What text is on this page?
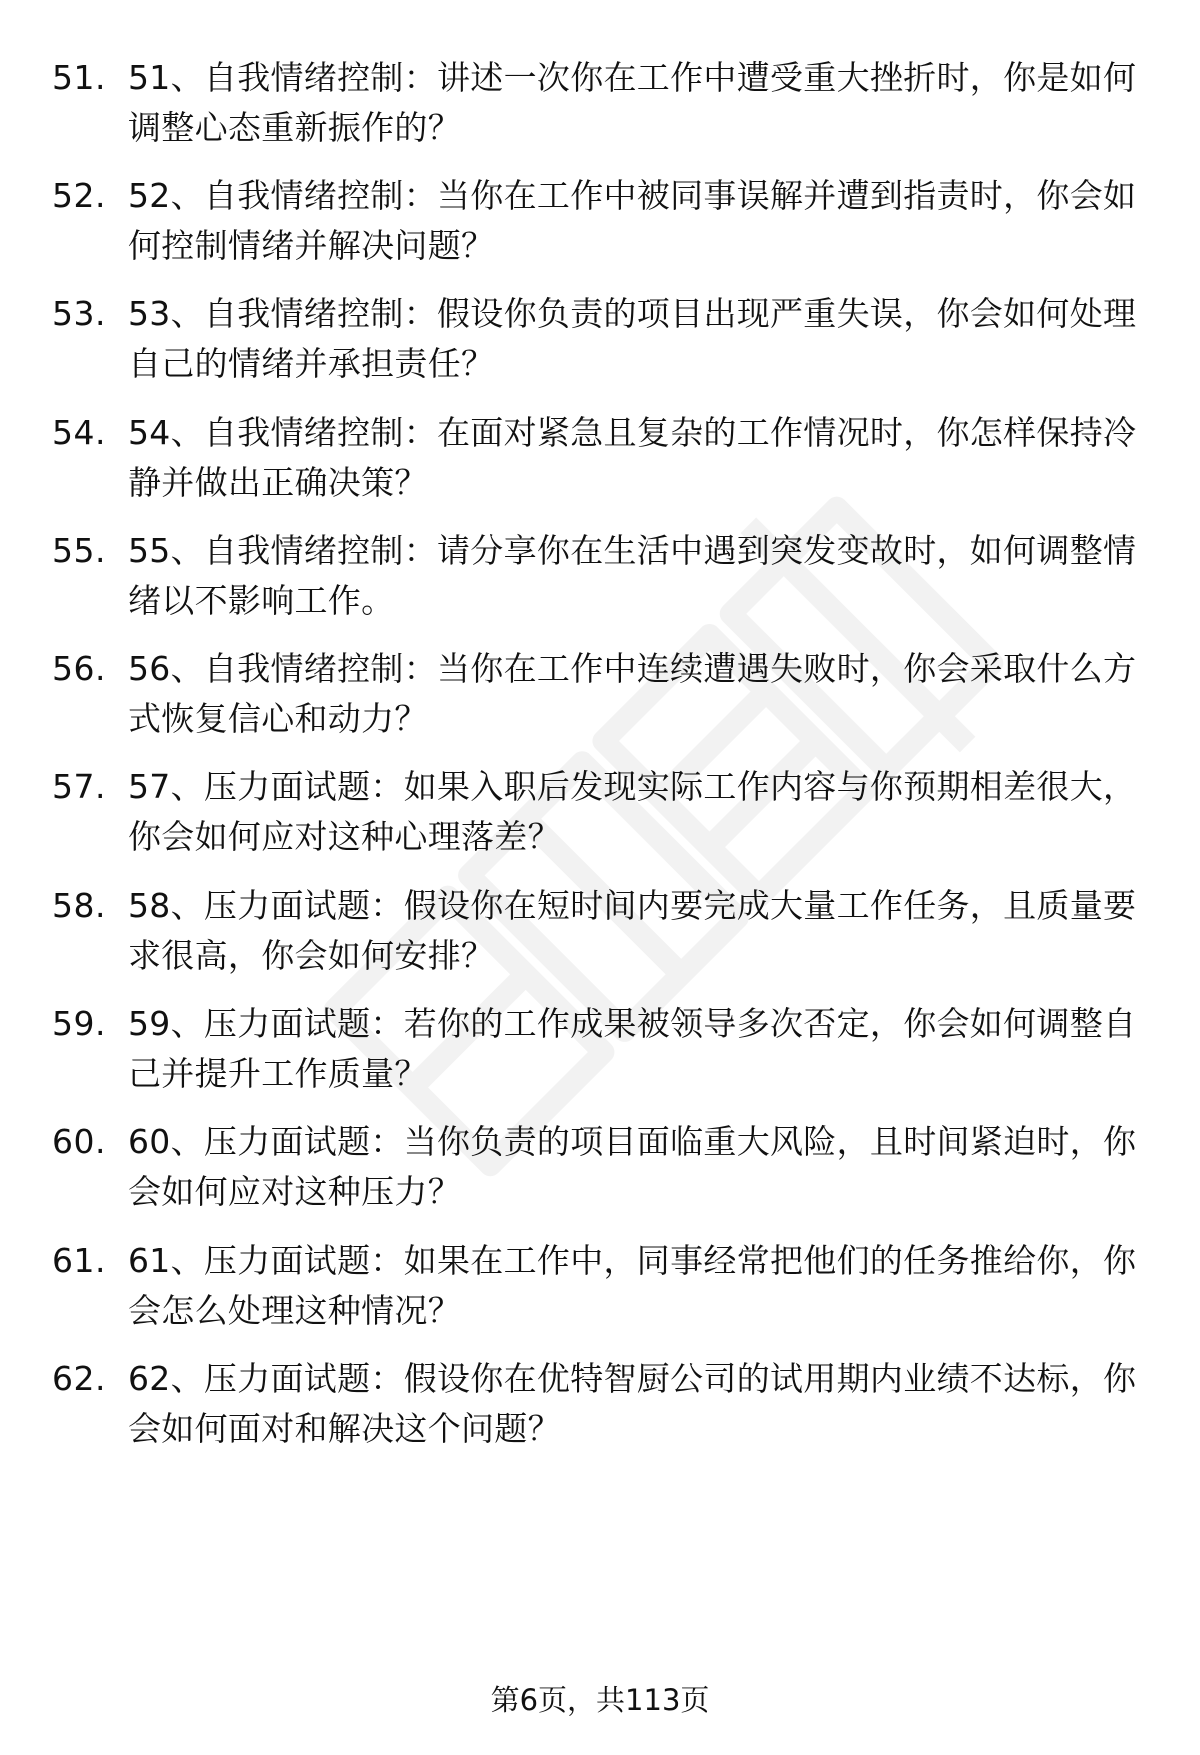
51. 51、自我情绪控制：讲述一次你在工作中遭受重大挫折时，你是如何调整心态重新振作的？
52. 52、自我情绪控制：当你在工作中被同事误解并遭到指责时，你会如何控制情绪并解决问题？
53. 53、自我情绪控制：假设你负责的项目出现严重失误，你会如何处理自己的情绪并承担责任？
54. 54、自我情绪控制：在面对紧急且复杂的工作情况时，你怎样保持冷静并做出正确决策？
55. 55、自我情绪控制：请分享你在生活中遇到突发变故时，如何调整情绪以不影响工作。
56. 56、自我情绪控制：当你在工作中连续遭遇失败时，你会采取什么方式恢复信心和动力？
57. 57、压力面试题：如果入职后发现实际工作内容与你预期相差很大，你会如何应对这种心理落差？
58. 58、压力面试题：假设你在短时间内要完成大量工作任务，且质量要求很高，你会如何安排？
59. 59、压力面试题：若你的工作成果被领导多次否定，你会如何调整自己并提升工作质量？
60. 60、压力面试题：当你负责的项目面临重大风险，且时间紧迫时，你会如何应对这种压力？
61. 61、压力面试题：如果在工作中，同事经常把他们的任务推给你，你会怎么处理这种情况？
62. 62、压力面试题：假设你在优特智厨公司的试用期内业绩不达标，你会如何面对和解决这个问题？
第6页，共113页
